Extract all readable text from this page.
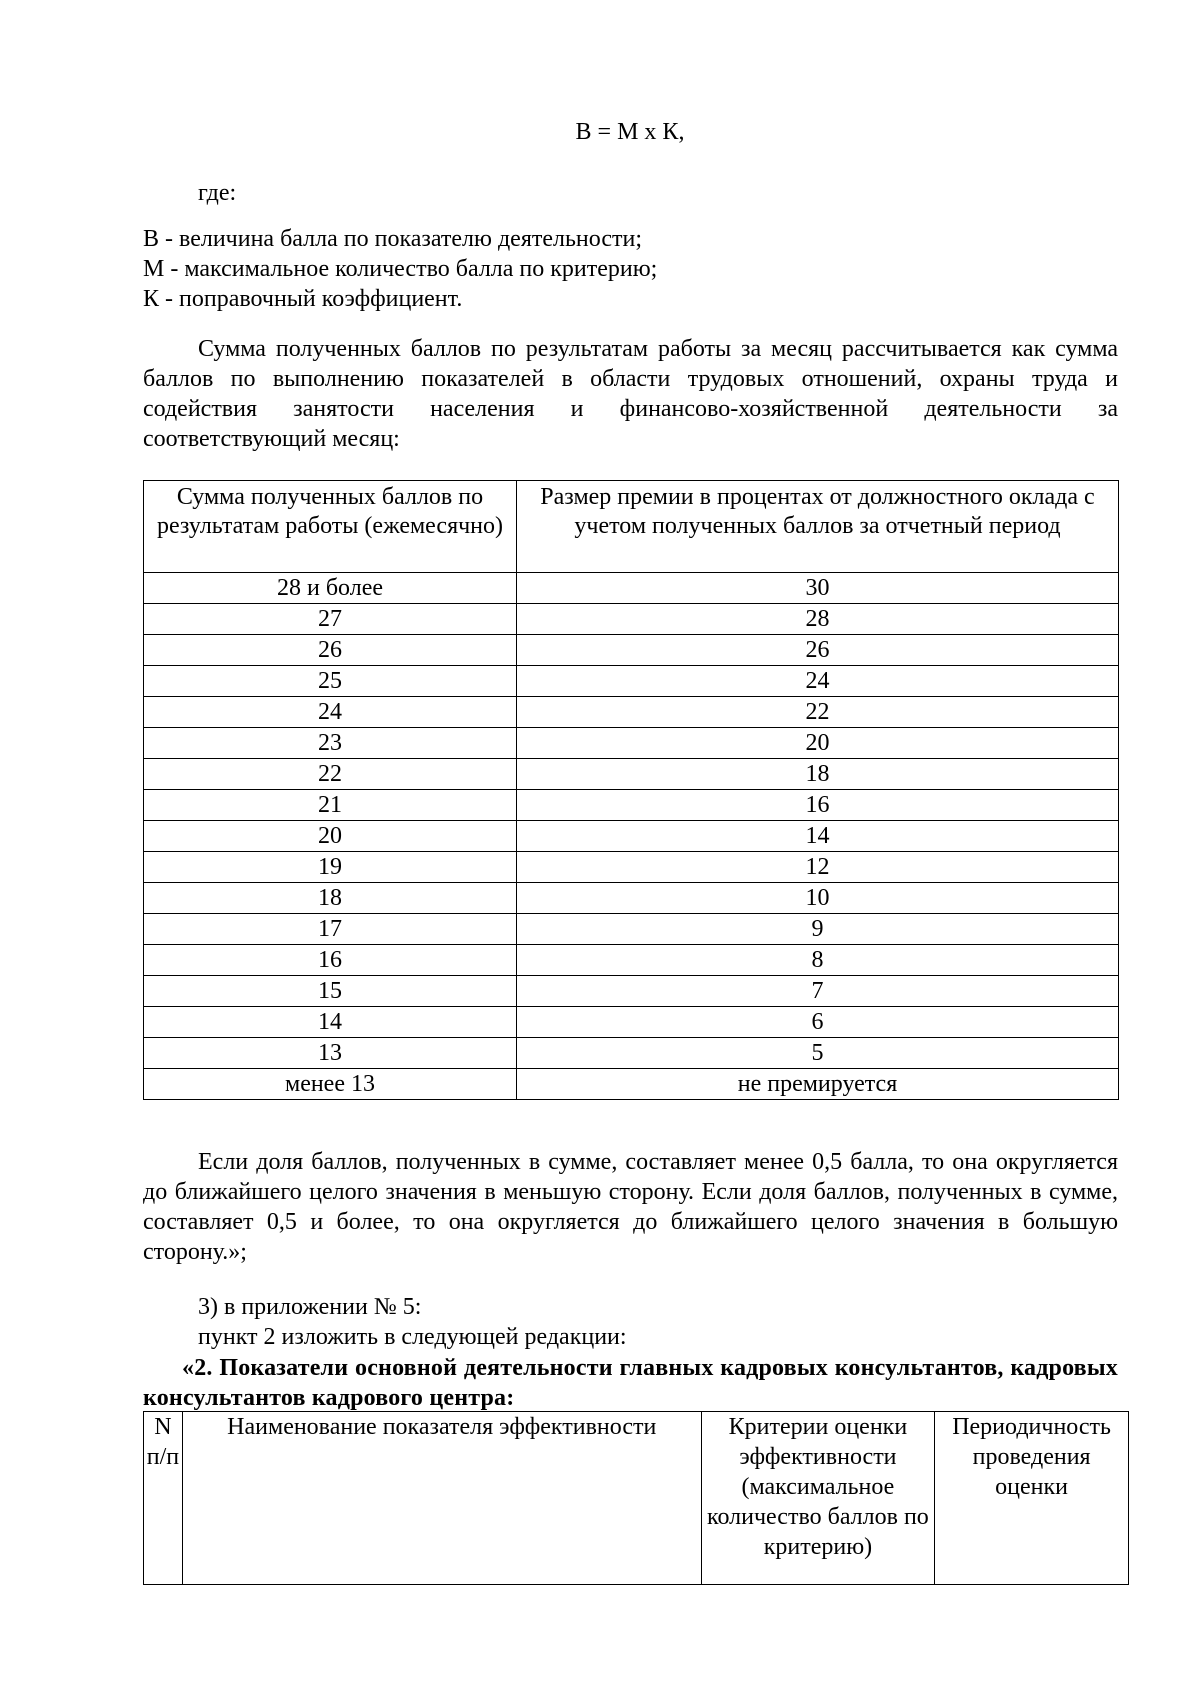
В = М х К,
где:
В - величина балла по показателю деятельности;
М - максимальное количество балла по критерию;
К - поправочный коэффициент.
Сумма полученных баллов по результатам работы за месяц рассчитывается как сумма баллов по выполнению показателей в области трудовых отношений, охраны труда и содействия занятости населения и финансово-хозяйственной деятельности за соответствующий месяц:
Сумма полученных баллов по результатам работы (ежемесячно)	Размер премии в процентах от должностного оклада с учетом полученных баллов за отчетный период
28 и более	30
27	28
26	26
25	24
24	22
23	20
22	18
21	16
20	14
19	12
18	10
17	9
16	8
15	7
14	6
13	5
менее 13	не премируется
Если доля баллов, полученных в сумме, составляет менее 0,5 балла, то она округляется до ближайшего целого значения в меньшую сторону. Если доля баллов, полученных в сумме, составляет 0,5 и более, то она округляется до ближайшего целого значения в большую сторону.»;
3) в приложении № 5:
пункт 2 изложить в следующей редакции:
«2. Показатели основной деятельности главных кадровых консультантов, кадровых консультантов кадрового центра:
N п/п	Наименование показателя эффективности	Критерии оценки эффективности (максимальное количество баллов по критерию)	Периодичность проведения оценки
